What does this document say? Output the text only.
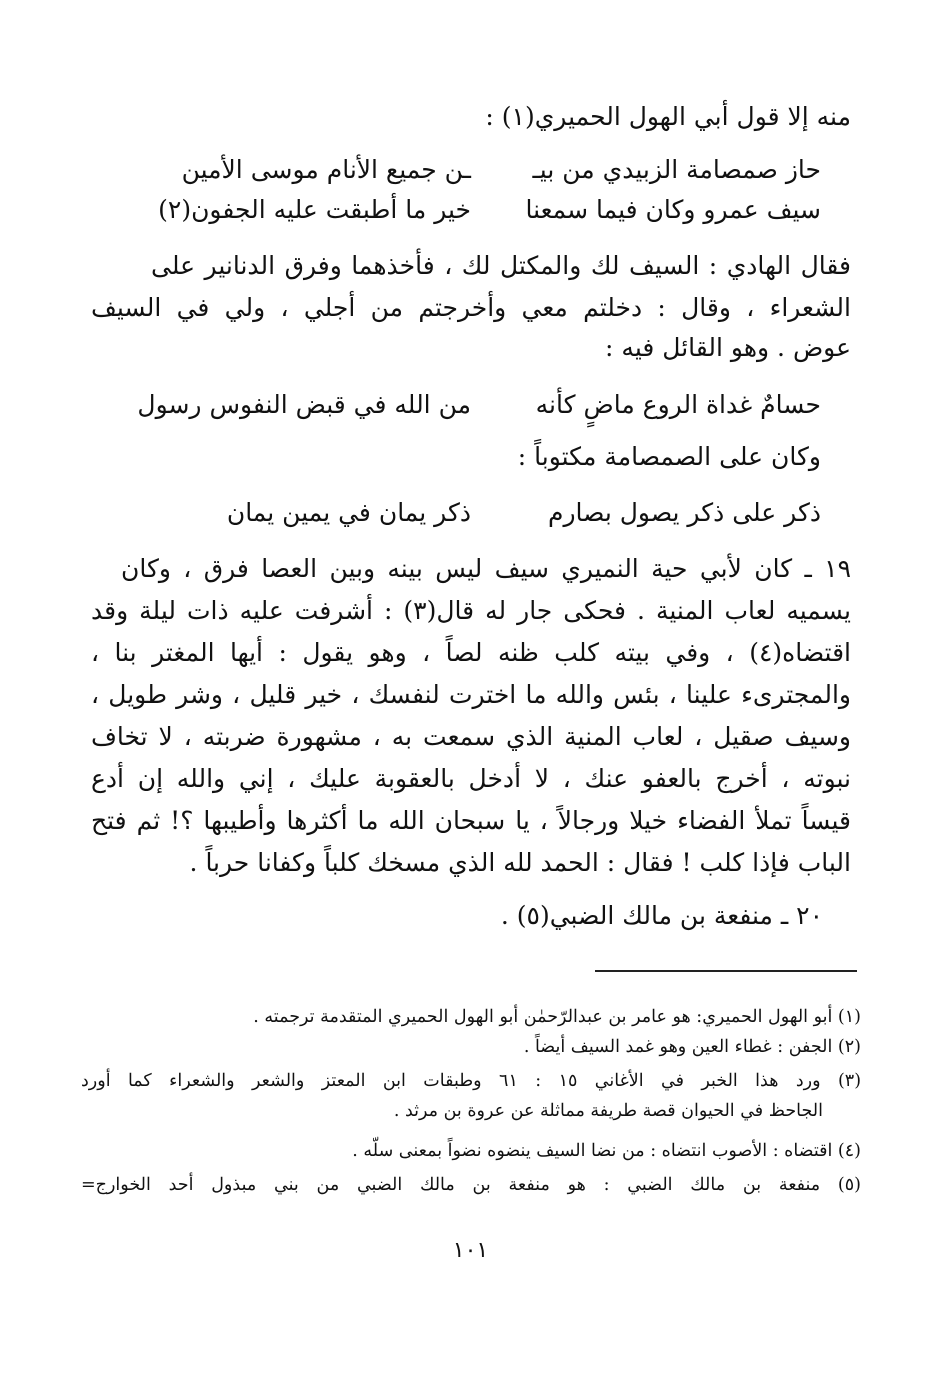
منه إلا قول أبي الهول الحميري(١) :
حاز صمصامة الزبيدي من بيـ
ـن جميع الأنام موسى الأمين
سيف عمرو وكان فيما سمعنا
خير ما أطبقت عليه الجفون(٢)
فقال الهادي : السيف لك والمكتل لك ، فأخذهما وفرق الدنانير على
الشعراء ، وقال : دخلتم معي وأخرجتم من أجلي ، ولي في السيف
عوض . وهو القائل فيه :
حسامٌ غداة الروع ماضٍ كأنه
من الله في قبض النفوس رسول
وكان على الصمصامة مكتوباً :
ذكر على ذكر يصول بصارم
ذكر يمان في يمين يمان
١٩ ـ كان لأبي حية النميري سيف ليس بينه وبين العصا فرق ، وكان
يسميه لعاب المنية . فحكى جار له قال(٣) : أشرفت عليه ذات ليلة وقد
اقتضاه(٤) ، وفي بيته كلب ظنه لصاً ، وهو يقول : أيها المغتر بنا ،
والمجترىء علينا ، بئس والله ما اخترت لنفسك ، خير قليل ، وشر طويل ،
وسيف صقيل ، لعاب المنية الذي سمعت به ، مشهورة ضربته ، لا تخاف
نبوته ، أخرج بالعفو عنك ، لا أدخل بالعقوبة عليك ، إني والله إن أدع
قيساً تملأ الفضاء خيلا ورجالاً ، يا سبحان الله ما أكثرها وأطيبها ؟! ثم فتح
الباب فإذا كلب ! فقال : الحمد لله الذي مسخك كلباً وكفانا حرباً .
٢٠ ـ منفعة بن مالك الضبي(٥) .
(١) أبو الهول الحميري: هو عامر بن عبدالرّحمٰن أبو الهول الحميري المتقدمة ترجمته .
(٢) الجفن : غطاء العين وهو غمد السيف أيضاً .
(٣) ورد هذا الخبر في الأغاني ١٥ : ٦١ وطبقات ابن المعتز والشعر والشعراء كما أورد
الجاحظ في الحيوان قصة طريفة مماثلة عن عروة بن مرثد .
(٤) اقتضاه : الأصوب انتضاه : من نضا السيف ينضوه نضواً بمعنى سلّه .
(٥) منفعة بن مالك الضبي : هو منفعة بن مالك الضبي من بني مبذول أحد الخوارج=
١٠١
